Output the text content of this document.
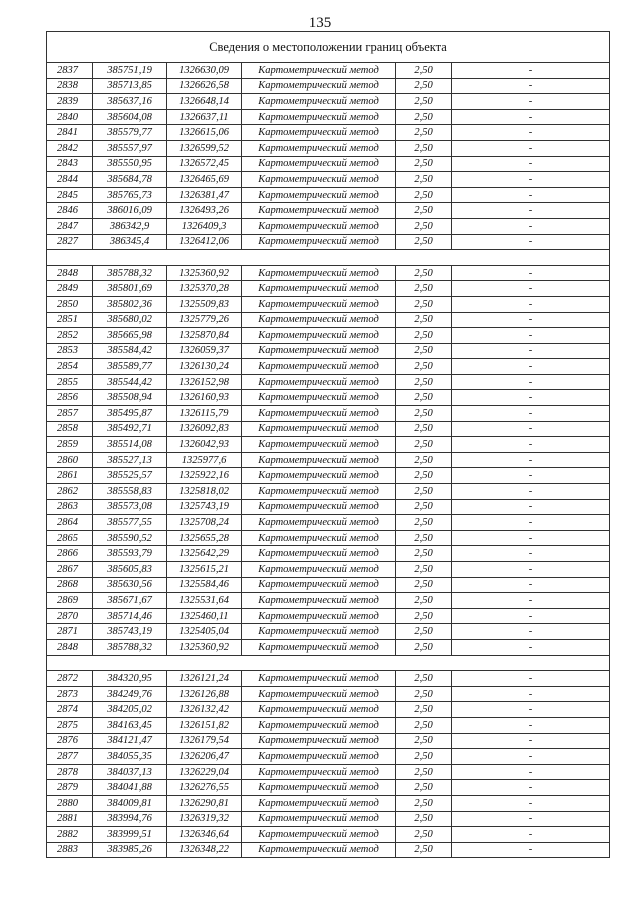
135
Сведения о местоположении границ объекта					
2837	385751,19	1326630,09	Картометрический метод	2,50	-
2838	385713,85	1326626,58	Картометрический метод	2,50	-
2839	385637,16	1326648,14	Картометрический метод	2,50	-
2840	385604,08	1326637,11	Картометрический метод	2,50	-
2841	385579,77	1326615,06	Картометрический метод	2,50	-
2842	385557,97	1326599,52	Картометрический метод	2,50	-
2843	385550,95	1326572,45	Картометрический метод	2,50	-
2844	385684,78	1326465,69	Картометрический метод	2,50	-
2845	385765,73	1326381,47	Картометрический метод	2,50	-
2846	386016,09	1326493,26	Картометрический метод	2,50	-
2847	386342,9	1326409,3	Картометрический метод	2,50	-
2827	386345,4	1326412,06	Картометрический метод	2,50	-

2848	385788,32	1325360,92	Картометрический метод	2,50	-
2849	385801,69	1325370,28	Картометрический метод	2,50	-
2850	385802,36	1325509,83	Картометрический метод	2,50	-
2851	385680,02	1325779,26	Картометрический метод	2,50	-
2852	385665,98	1325870,84	Картометрический метод	2,50	-
2853	385584,42	1326059,37	Картометрический метод	2,50	-
2854	385589,77	1326130,24	Картометрический метод	2,50	-
2855	385544,42	1326152,98	Картометрический метод	2,50	-
2856	385508,94	1326160,93	Картометрический метод	2,50	-
2857	385495,87	1326115,79	Картометрический метод	2,50	-
2858	385492,71	1326092,83	Картометрический метод	2,50	-
2859	385514,08	1326042,93	Картометрический метод	2,50	-
2860	385527,13	1325977,6	Картометрический метод	2,50	-
2861	385525,57	1325922,16	Картометрический метод	2,50	-
2862	385558,83	1325818,02	Картометрический метод	2,50	-
2863	385573,08	1325743,19	Картометрический метод	2,50	-
2864	385577,55	1325708,24	Картометрический метод	2,50	-
2865	385590,52	1325655,28	Картометрический метод	2,50	-
2866	385593,79	1325642,29	Картометрический метод	2,50	-
2867	385605,83	1325615,21	Картометрический метод	2,50	-
2868	385630,56	1325584,46	Картометрический метод	2,50	-
2869	385671,67	1325531,64	Картометрический метод	2,50	-
2870	385714,46	1325460,11	Картометрический метод	2,50	-
2871	385743,19	1325405,04	Картометрический метод	2,50	-
2848	385788,32	1325360,92	Картометрический метод	2,50	-

2872	384320,95	1326121,24	Картометрический метод	2,50	-
2873	384249,76	1326126,88	Картометрический метод	2,50	-
2874	384205,02	1326132,42	Картометрический метод	2,50	-
2875	384163,45	1326151,82	Картометрический метод	2,50	-
2876	384121,47	1326179,54	Картометрический метод	2,50	-
2877	384055,35	1326206,47	Картометрический метод	2,50	-
2878	384037,13	1326229,04	Картометрический метод	2,50	-
2879	384041,88	1326276,55	Картометрический метод	2,50	-
2880	384009,81	1326290,81	Картометрический метод	2,50	-
2881	383994,76	1326319,32	Картометрический метод	2,50	-
2882	383999,51	1326346,64	Картометрический метод	2,50	-
2883	383985,26	1326348,22	Картометрический метод	2,50	-
